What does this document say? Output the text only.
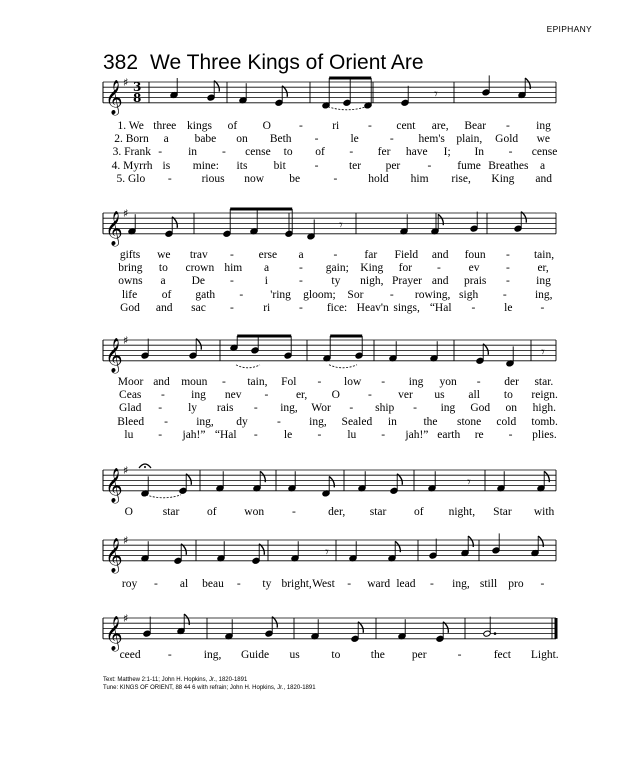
EPIPHANY
382 We Three Kings of Orient Are
𝄞 ♯ 3
8	𝄾
1. We three kings of O -	ri - cent are, Bear - ing
2. Born a babe on Beth -	le	- hem's plain, Gold we
3. Frank - in - cense to of - fer have I; In - cense
4. Myrrh is mine: its bit	-	ter per - fume Breathes a
5. Glo -	rious now be	-	hold him rise, King and
𝄞 ♯
𝄾
gifts we trav - erse a	- far Field and foun - tain,
bring to crown him a	- gain; King for - ev - er,
owns a De -	i	- ty nigh, Prayer and prais - ing
life of gath - 'ring gloom; Sor - rowing, sigh - ing,
God and sac -	ri - fice: Heav'n sings, “Hal -	le -
𝄞 ♯
𝄾
Moor and moun - tain, Fol - low - ing yon - der star.
Ceas - ing nev - er, O - ver us all to reign.
Glad - ly rais - ing, Wor - ship - ing God on high.
Bleed - ing, dy	- ing, Sealed in the stone cold tomb.
lu - jah!” “Hal - le - lu - jah!” earth re - plies.
𝄞 ♯
𝄾
O	star of won -	der, star of night, Star with
𝄞 ♯
𝄾
roy - al beau - ty bright, West - ward lead - ing, still pro -
𝄞 ♯
ceed -	ing, Guide us	to	the per	-	fect Light.
Text: Matthew 2:1-11; John H. Hopkins, Jr., 1820-1891
Tune: KINGS OF ORIENT, 88 44 6 with refrain; John H. Hopkins, Jr., 1820-1891
